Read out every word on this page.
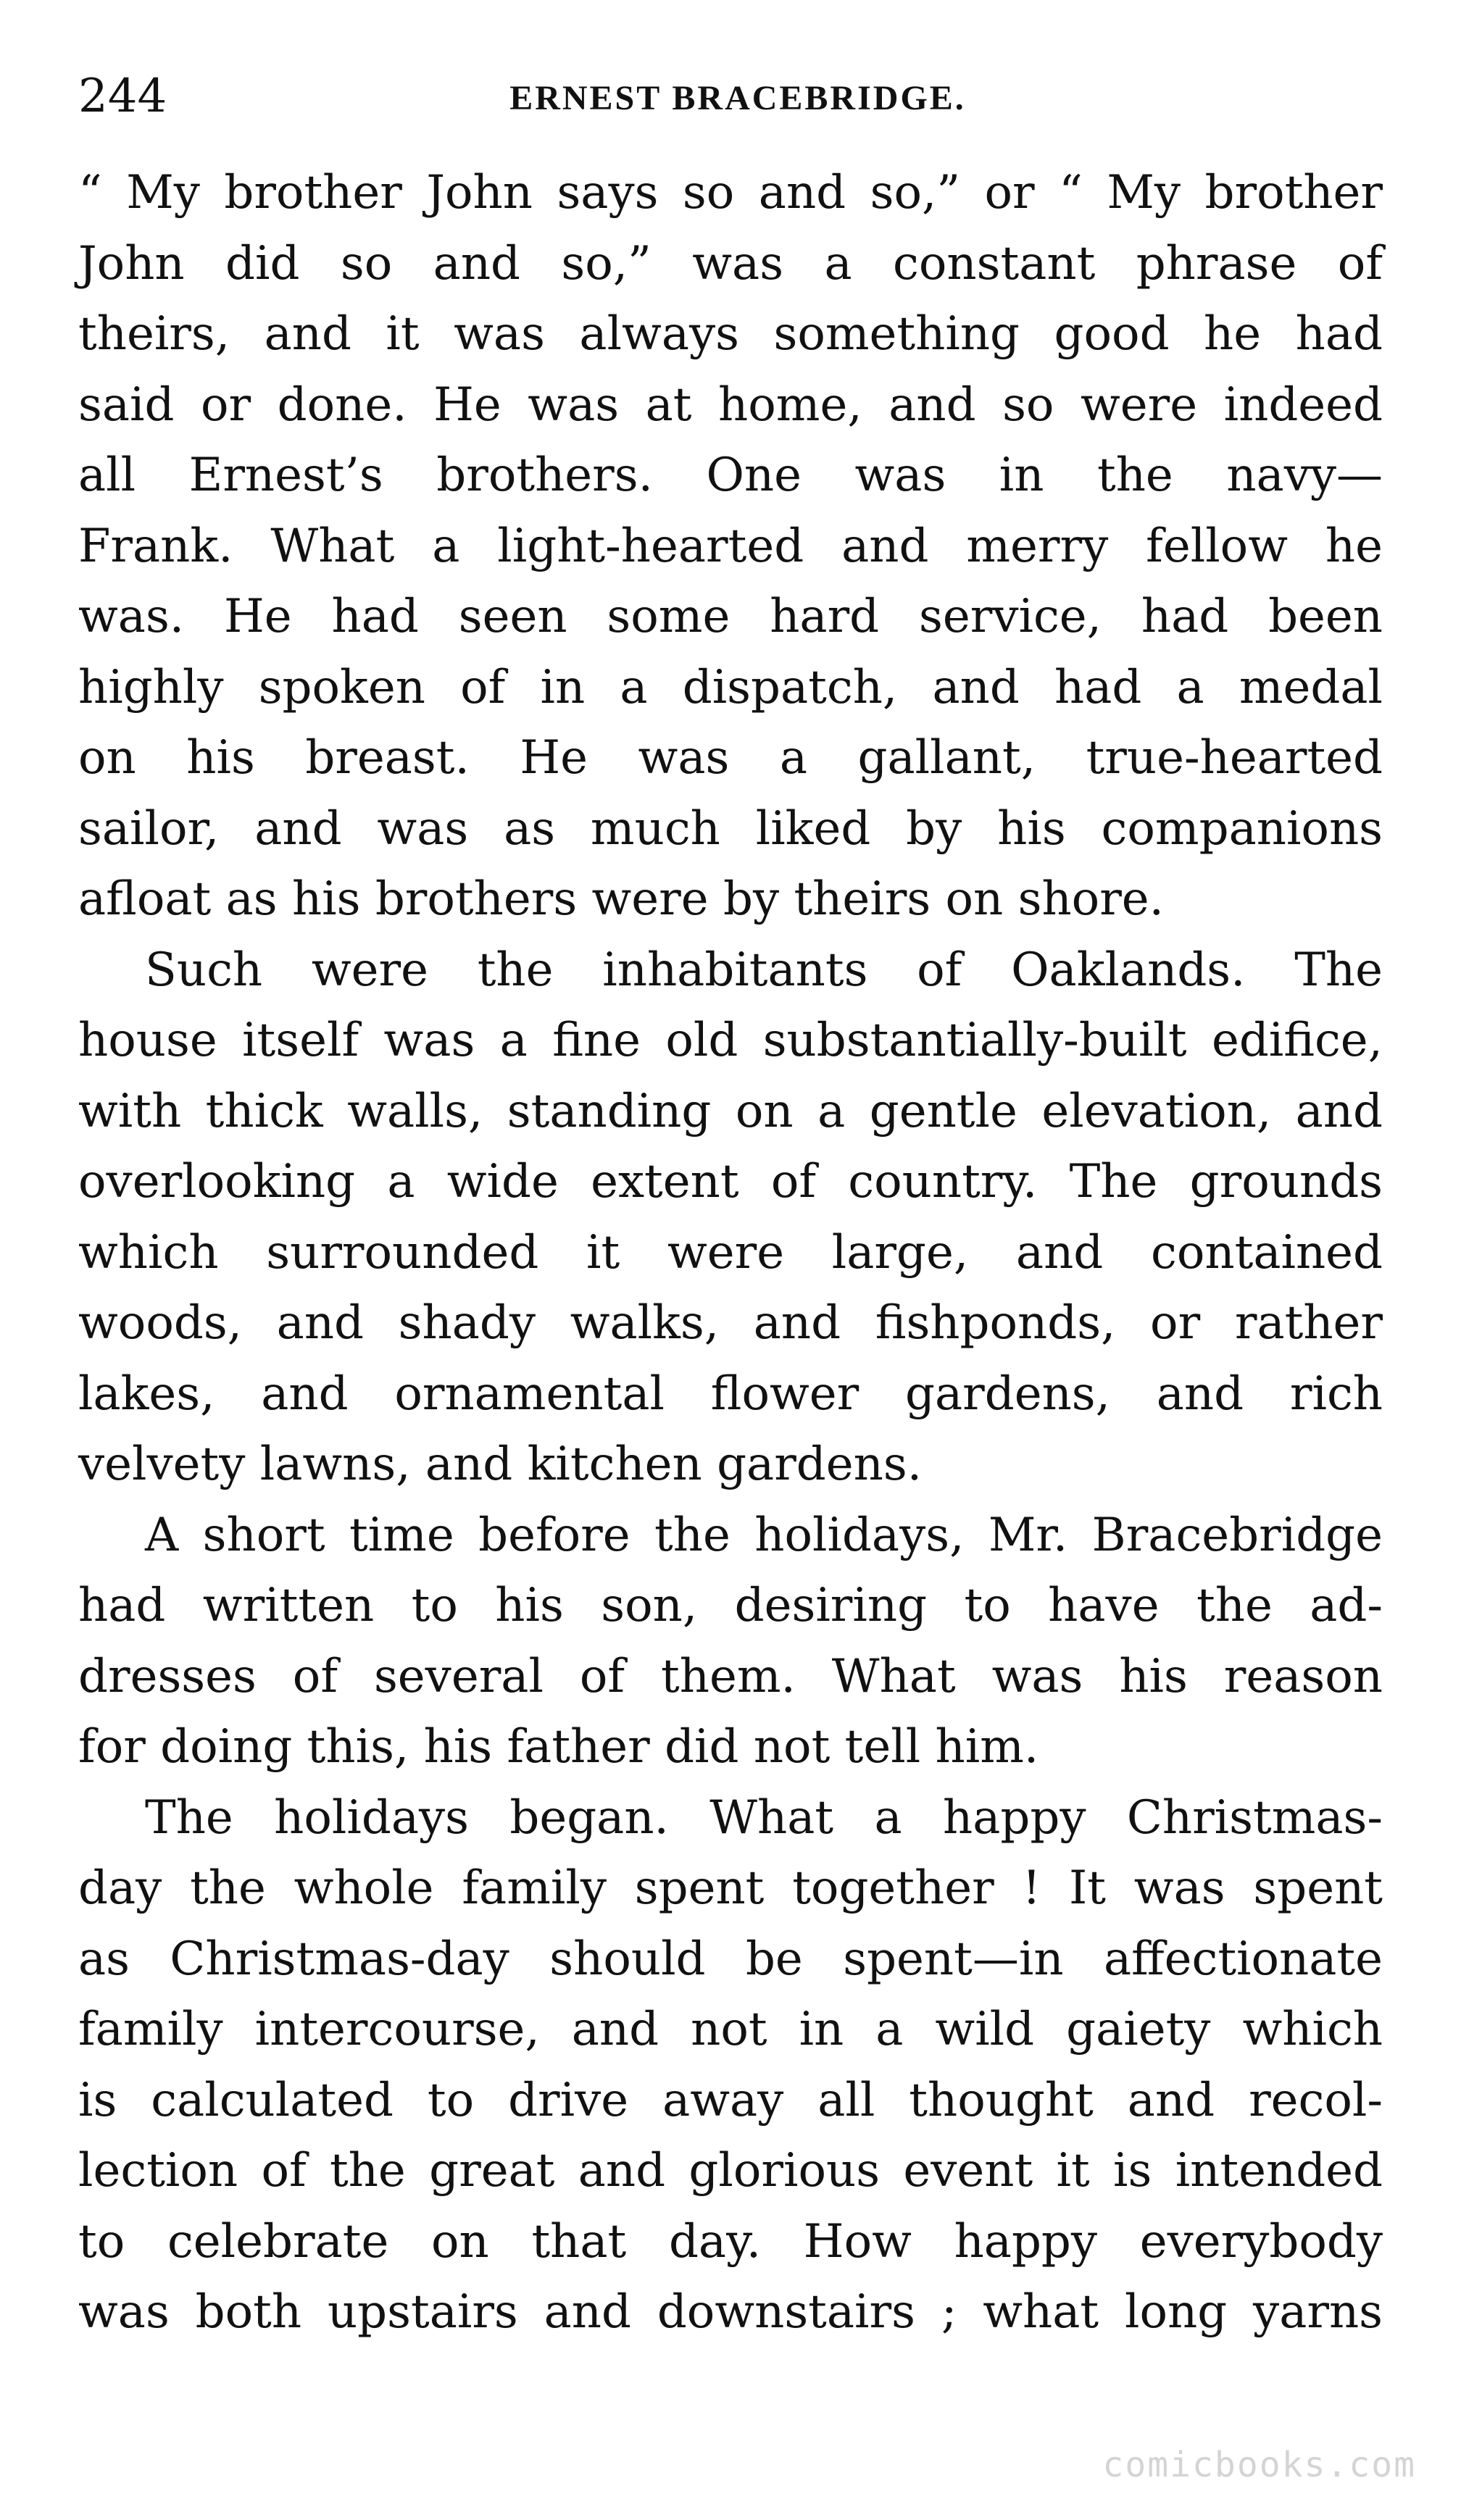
244	ERNEST BRACEBRIDGE.
“ My brother John says so and so,” or “ My brother
John did so and so,” was a constant phrase of
theirs, and it was always something good he had
said or done. He was at home, and so were indeed
all Ernest’s brothers. One was in the navy—
Frank. What a light-hearted and merry fellow he
was. He had seen some hard service, had been
highly spoken of in a dispatch, and had a medal
on his breast. He was a gallant, true-hearted
sailor, and was as much liked by his companions
afloat as his brothers were by theirs on shore.
Such were the inhabitants of Oaklands. The
house itself was a fine old substantially-built edifice,
with thick walls, standing on a gentle elevation, and
overlooking a wide extent of country. The grounds
which surrounded it were large, and contained
woods, and shady walks, and fishponds, or rather
lakes, and ornamental flower gardens, and rich
velvety lawns, and kitchen gardens.
A short time before the holidays, Mr. Bracebridge
had written to his son, desiring to have the ad-
dresses of several of them. What was his reason
for doing this, his father did not tell him.
The holidays began. What a happy Christmas-
day the whole family spent together ! It was spent
as Christmas-day should be spent—in affectionate
family intercourse, and not in a wild gaiety which
is calculated to drive away all thought and recol-
lection of the great and glorious event it is intended
to celebrate on that day. How happy everybody
was both upstairs and downstairs ; what long yarns
comicbooks.com
